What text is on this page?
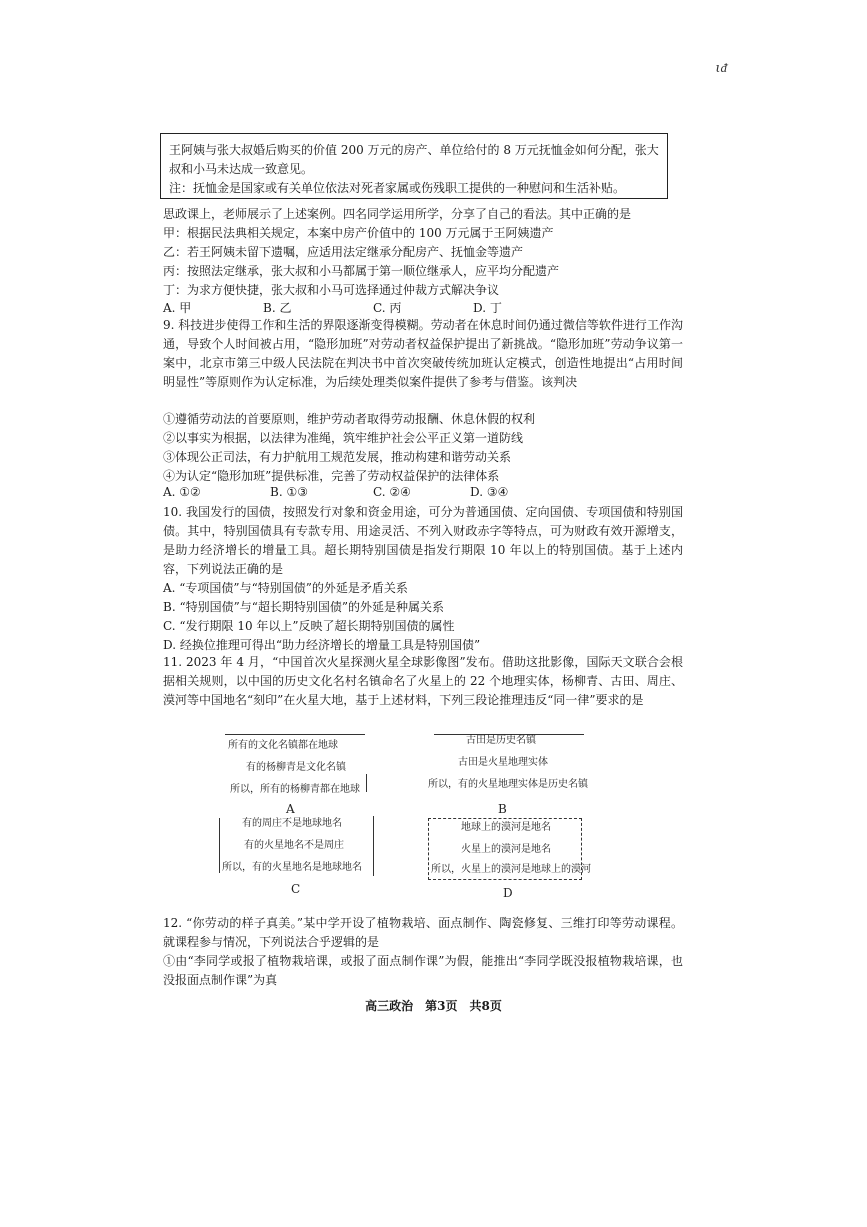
ιᵭ

王阿姨与张大叔婚后购买的价值 200 万元的房产、单位给付的 8 万元抚恤金如何分配，张大

叔和小马未达成一致意见。

注：抚恤金是国家或有关单位依法对死者家属或伤残职工提供的一种慰问和生活补贴。

思政课上，老师展示了上述案例。四名同学运用所学，分享了自己的看法。其中正确的是
甲：根据民法典相关规定，本案中房产价值中的 100 万元属于王阿姨遗产
乙：若王阿姨未留下遗嘱，应适用法定继承分配房产、抚恤金等遗产
丙：按照法定继承，张大叔和小马都属于第一顺位继承人，应平均分配遗产
丁：为求方便快捷，张大叔和小马可选择通过仲裁方式解决争议
A. 甲	B. 乙	C. 丙	D. 丁
9. 科技进步使得工作和生活的界限逐渐变得模糊。劳动者在休息时间仍通过微信等软件进行工作沟通，导致个人时间被占用，“隐形加班”对劳动者权益保护提出了新挑战。“隐形加班”劳动争议第一案中，北京市第三中级人民法院在判决书中首次突破传统加班认定模式，创造性地提出“占用时间明显性”等原则作为认定标准，为后续处理类似案件提供了参考与借鉴。该判决
①遵循劳动法的首要原则，维护劳动者取得劳动报酬、休息休假的权利
②以事实为根据，以法律为准绳，筑牢维护社会公平正义第一道防线
③体现公正司法，有力护航用工规范发展，推动构建和谐劳动关系
④为认定“隐形加班”提供标准，完善了劳动权益保护的法律体系
A. ①②	B. ①③	C. ②④	D. ③④
10. 我国发行的国债，按照发行对象和资金用途，可分为普通国债、定向国债、专项国债和特别国债。其中，特别国债具有专款专用、用途灵活、不列入财政赤字等特点，可为财政有效开源增支，是助力经济增长的增量工具。超长期特别国债是指发行期限 10 年以上的特别国债。基于上述内容，下列说法正确的是
A. “专项国债”与“特别国债”的外延是矛盾关系
B. “特别国债”与“超长期特别国债”的外延是种属关系
C. “发行期限 10 年以上”反映了超长期特别国债的属性
D. 经换位推理可得出“助力经济增长的增量工具是特别国债”
11. 2023 年 4 月，“中国首次火星探测火星全球影像图”发布。借助这批影像，国际天文联合会根据相关规则，以中国的历史文化名村名镇命名了火星上的 22 个地理实体，杨柳青、古田、周庄、漠河等中国地名“刻印”在火星大地，基于上述材料，下列三段论推理违反“同一律”要求的是
所有的文化名镇都在地球
有的杨柳青是文化名镇
所以，所有的杨柳青都在地球
A
古田是历史名镇
古田是火星地理实体
所以，有的火星地理实体是历史名镇
B
有的周庄不是地球地名
有的火星地名不是周庄
所以，有的火星地名是地球地名
C
地球上的漠河是地名
火星上的漠河是地名
所以，火星上的漠河是地球上的漠河
D
12. “你劳动的样子真美。”某中学开设了植物栽培、面点制作、陶瓷修复、三维打印等劳动课程。就课程参与情况，下列说法合乎逻辑的是
①由“李同学或报了植物栽培课，或报了面点制作课”为假，能推出“李同学既没报植物栽培课，也没报面点制作课”为真
高三政治　第3页　共8页
